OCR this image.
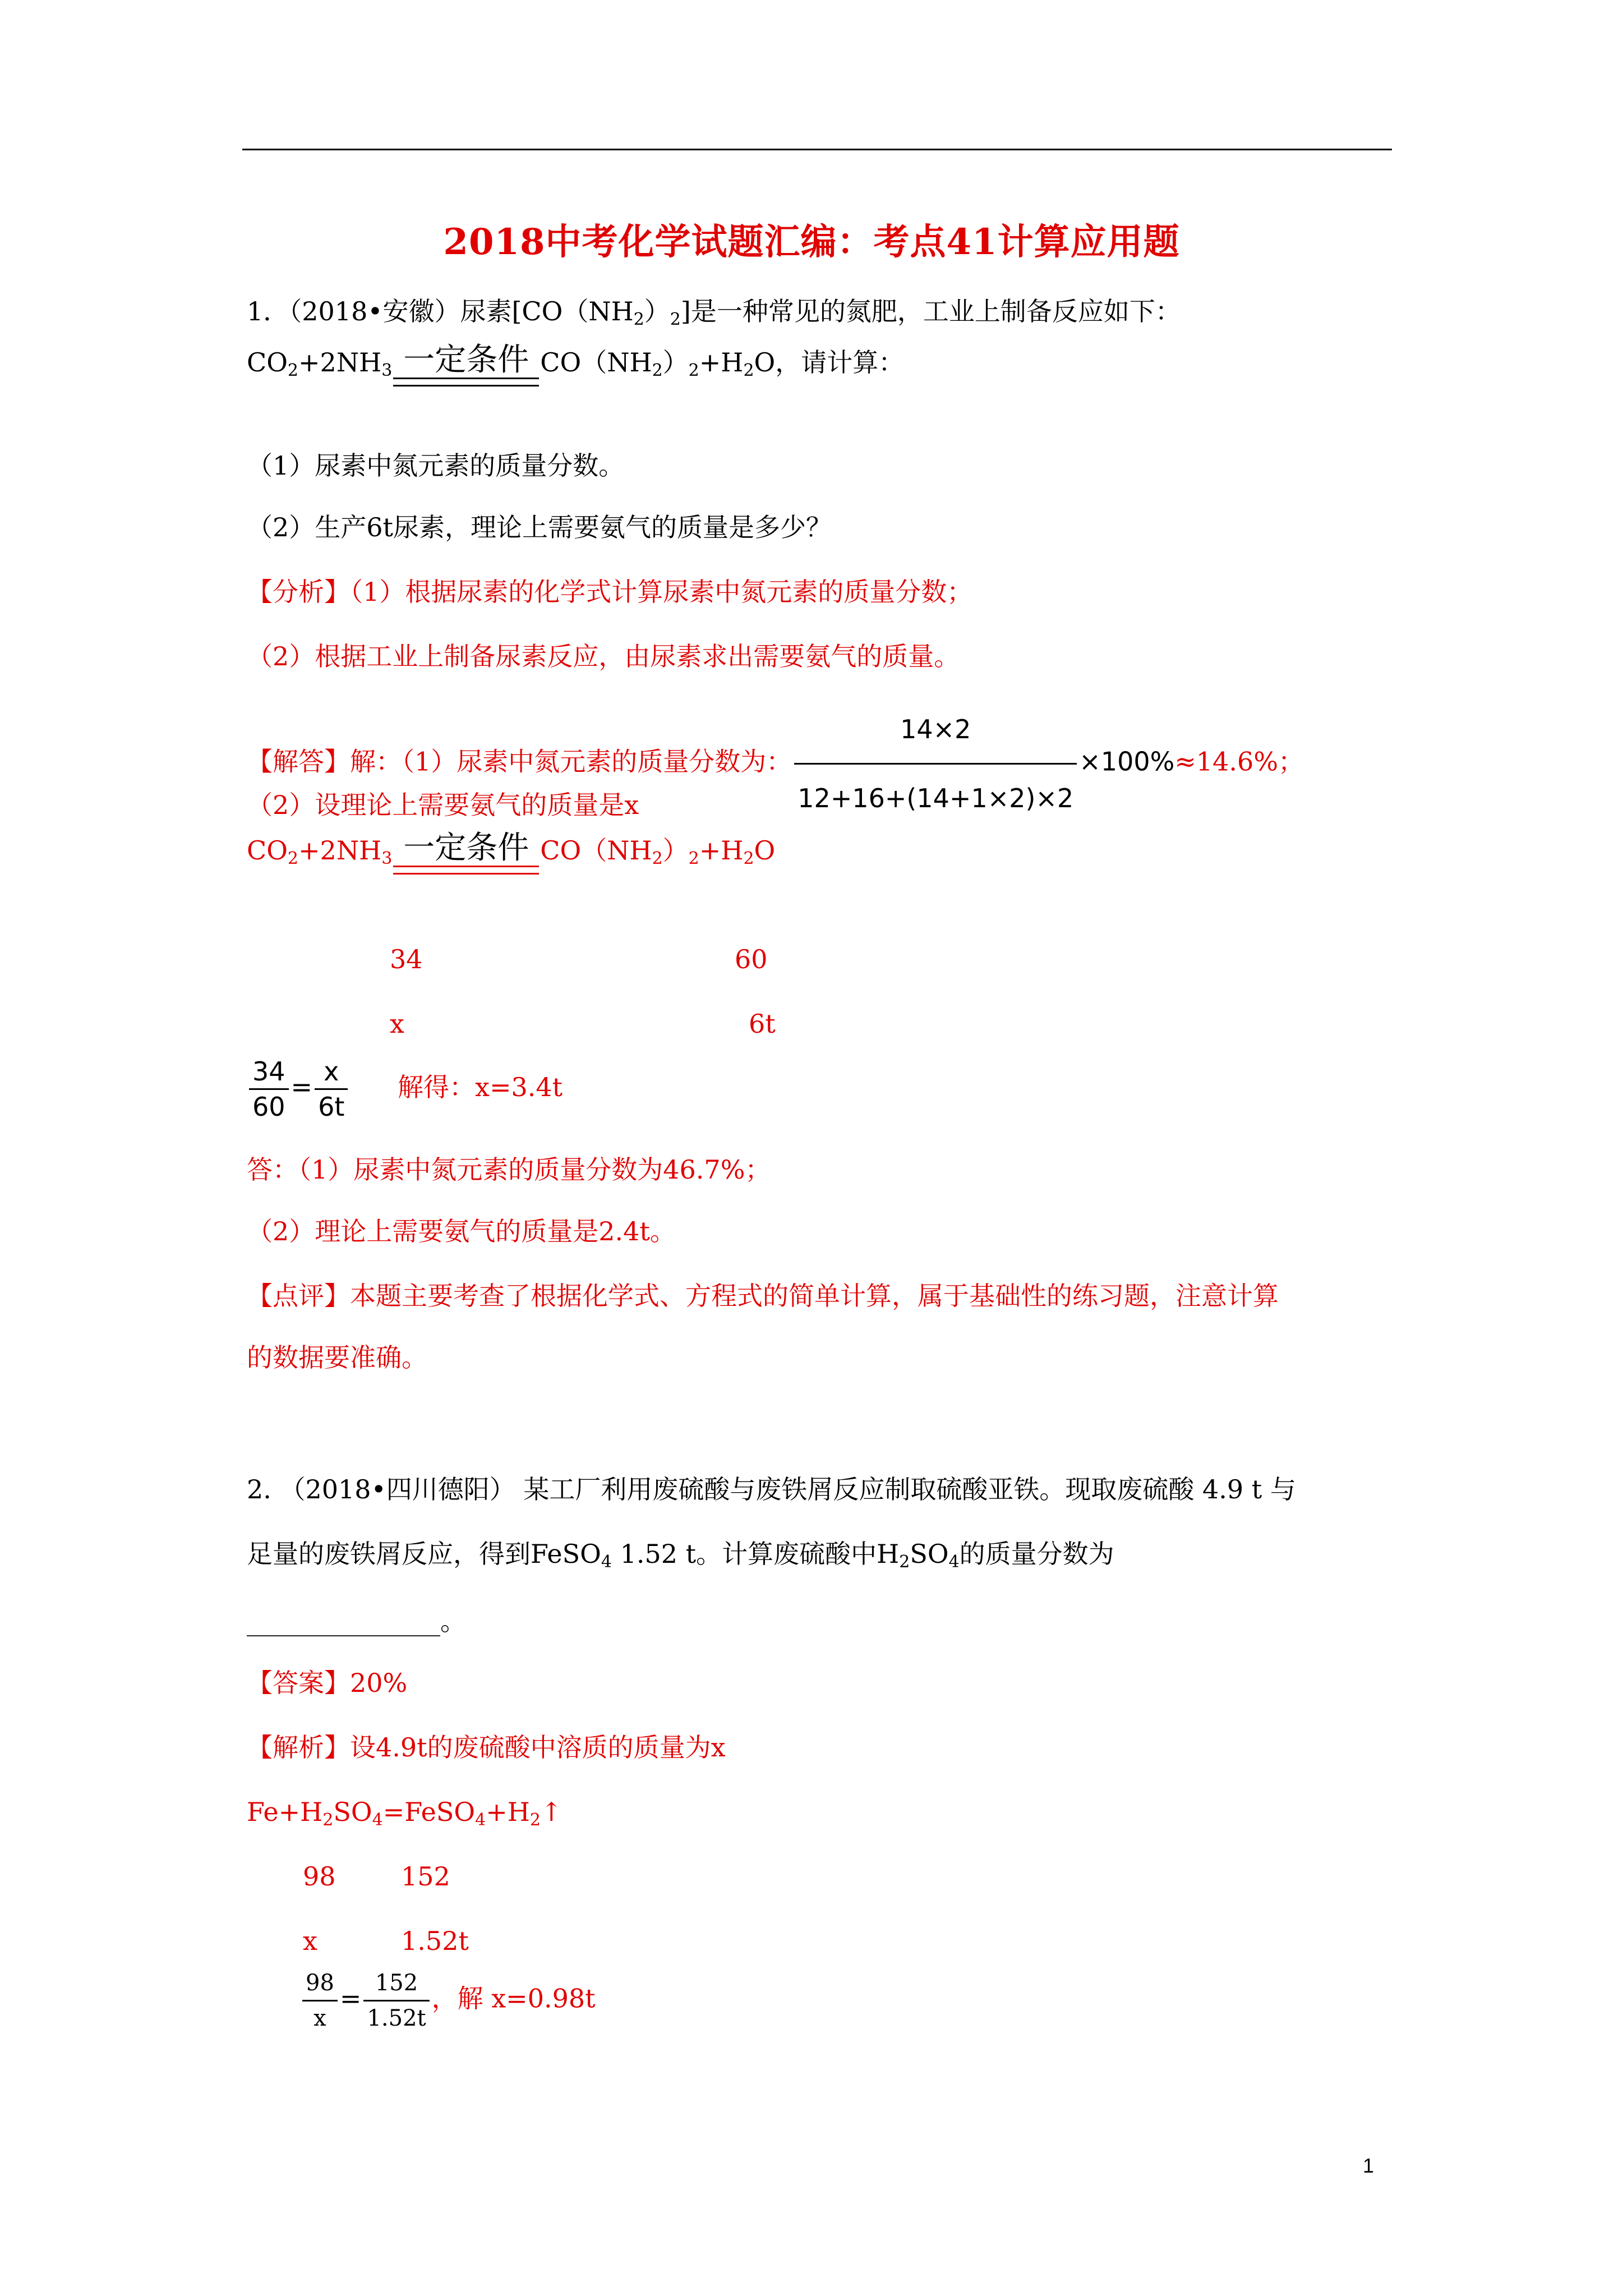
2018中考化学试题汇编：考点41计算应用题
1．（2018•安徽）尿素$[CO(NH_2)_2]$是一种常见的氮肥，工业上制备反应如下：
$CO_2+2NH_3$ 一定条件 $CO(NH_2)_2+H_2O$，请计算：
（1）尿素中氮元素的质量分数。
（2）生产6t尿素，理论上需要氨气的质量是多少？
【分析】（1）根据尿素的化学式计算尿素中氮元素的质量分数；
（2）根据工业上制备尿素反应，由尿素求出需要氨气的质量。
【解答】解：（1）尿素中氮元素的质量分数为： $\frac{14\times 2}{12+16+(14+1\times 2)\times 2} \times 100\%\approx 14.6\%$；
（2）设理论上需要氨气的质量是x
$CO_2+2NH_3$ 一定条件 $CO(NH_2)_2+H_2O$
34	60
x	6t
$\frac{34}{60} = \frac{x}{6t}$ 解得：x=3.4t
答：（1）尿素中氮元素的质量分数为46.7%；
（2）理论上需要氨气的质量是2.4t。
【点评】本题主要考查了根据化学式、方程式的简单计算，属于基础性的练习题，注意计算
的数据要准确。
2. （2018•四川德阳） 某工厂利用废硫酸与废铁屑反应制取硫酸亚铁。现取废硫酸 4.9 t 与
足量的废铁屑反应，得到FeSO$_4$ 1.52 t。计算废硫酸中$H_2SO_4$的质量分数为
_______________。
【答案】20%
【解析】设4.9t的废硫酸中溶质的质量为x
$Fe+H_2SO_4=FeSO_4+H_2↑$
98	152
x	1.52t
$\frac{98}{x} = \frac{152}{1.52t}$ ，解 x=0.98t
1
